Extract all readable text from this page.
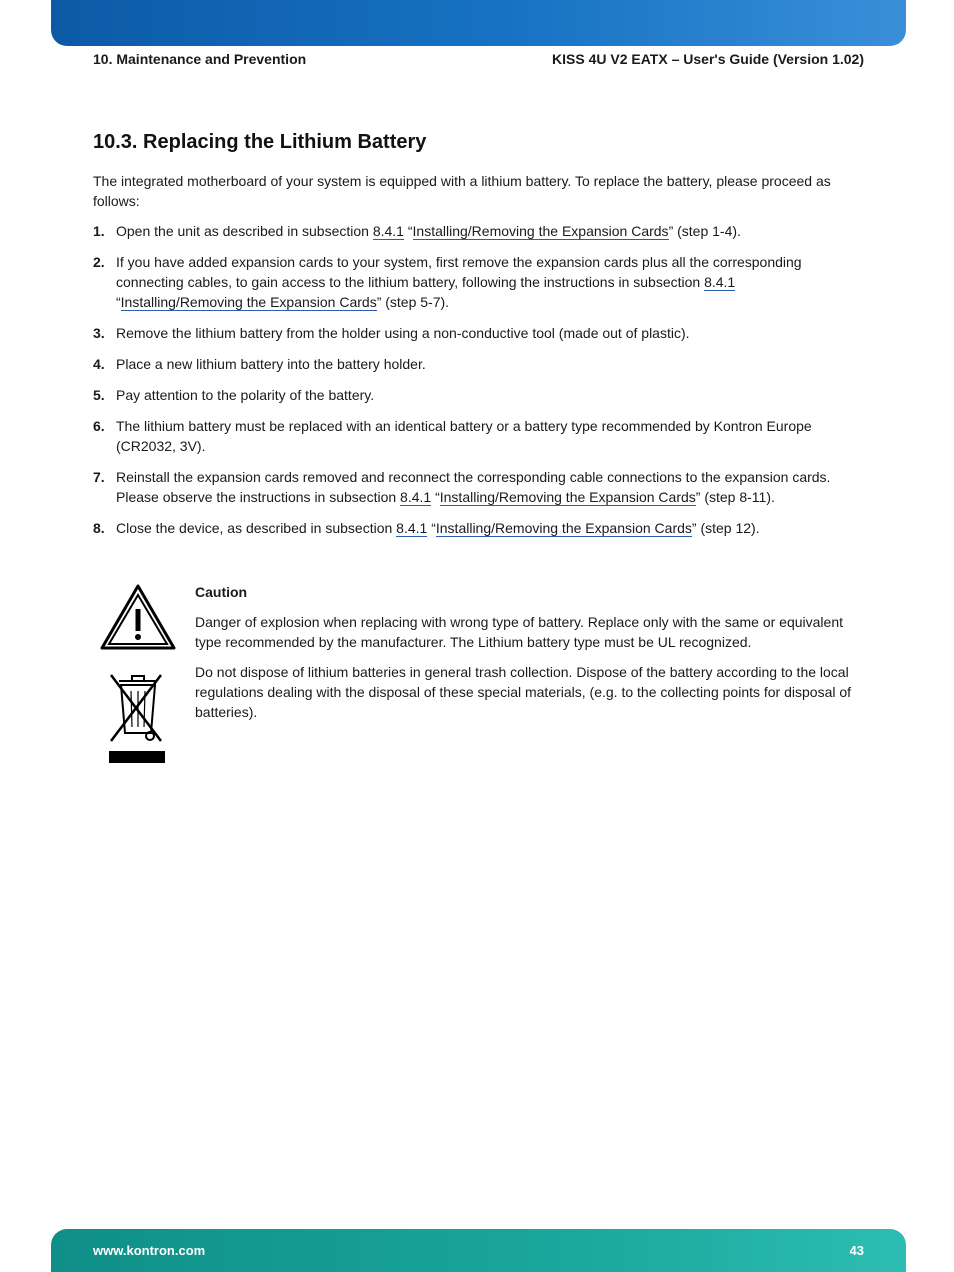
10. Maintenance and Prevention	KISS 4U V2 EATX – User's Guide (Version 1.02)
10.3. Replacing the Lithium Battery

The integrated motherboard of your system is equipped with a lithium battery. To replace the battery, please proceed as follows:

1. Open the unit as described in subsection 8.4.1 “Installing/Removing the Expansion Cards” (step 1-4).
2. If you have added expansion cards to your system, first remove the expansion cards plus all the corresponding connecting cables, to gain access to the lithium battery, following the instructions in subsection 8.4.1
“Installing/Removing the Expansion Cards” (step 5-7).
3. Remove the lithium battery from the holder using a non-conductive tool (made out of plastic).
4. Place a new lithium battery into the battery holder.
5. Pay attention to the polarity of the battery.
6. The lithium battery must be replaced with an identical battery or a battery type recommended by Kontron Europe (CR2032, 3V).
7. Reinstall the expansion cards removed and reconnect the corresponding cable connections to the expansion cards. Please observe the instructions in subsection 8.4.1 “Installing/Removing the Expansion Cards” (step 8-11).
8. Close the device, as described in subsection 8.4.1 “Installing/Removing the Expansion Cards” (step 12).

Caution

Danger of explosion when replacing with wrong type of battery. Replace only with the same or equivalent type recommended by the manufacturer. The Lithium battery type must be UL recognized.

Do not dispose of lithium batteries in general trash collection. Dispose of the battery according to the local regulations dealing with the disposal of these special materials, (e.g. to the collecting points for disposal of batteries).

www.kontron.com	43
